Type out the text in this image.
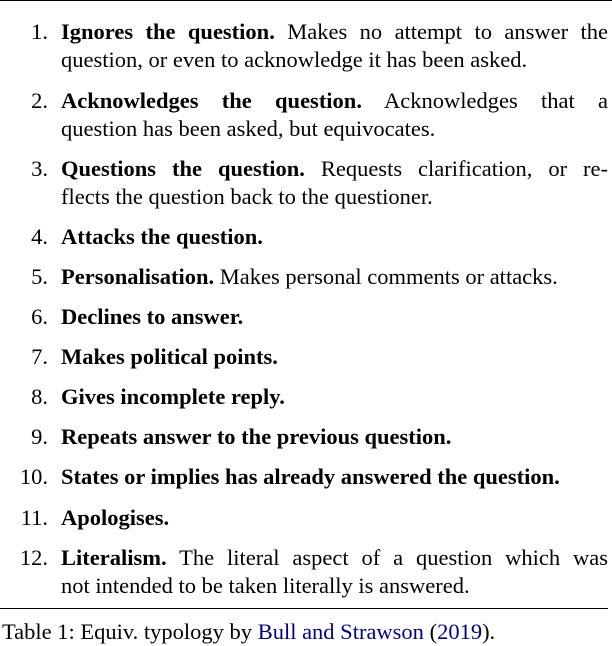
1. Ignores the question. Makes no attempt to answer the
question, or even to acknowledge it has been asked.
2. Acknowledges the question. Acknowledges that a
question has been asked, but equivocates.
3. Questions the question. Requests clarification, or re-
flects the question back to the questioner.
4. Attacks the question.
5. Personalisation. Makes personal comments or attacks.
6. Declines to answer.
7. Makes political points.
8. Gives incomplete reply.
9. Repeats answer to the previous question.
10. States or implies has already answered the question.
11. Apologises.
12. Literalism. The literal aspect of a question which was
not intended to be taken literally is answered.
Table 1: Equiv. typology by Bull and Strawson (2019).
